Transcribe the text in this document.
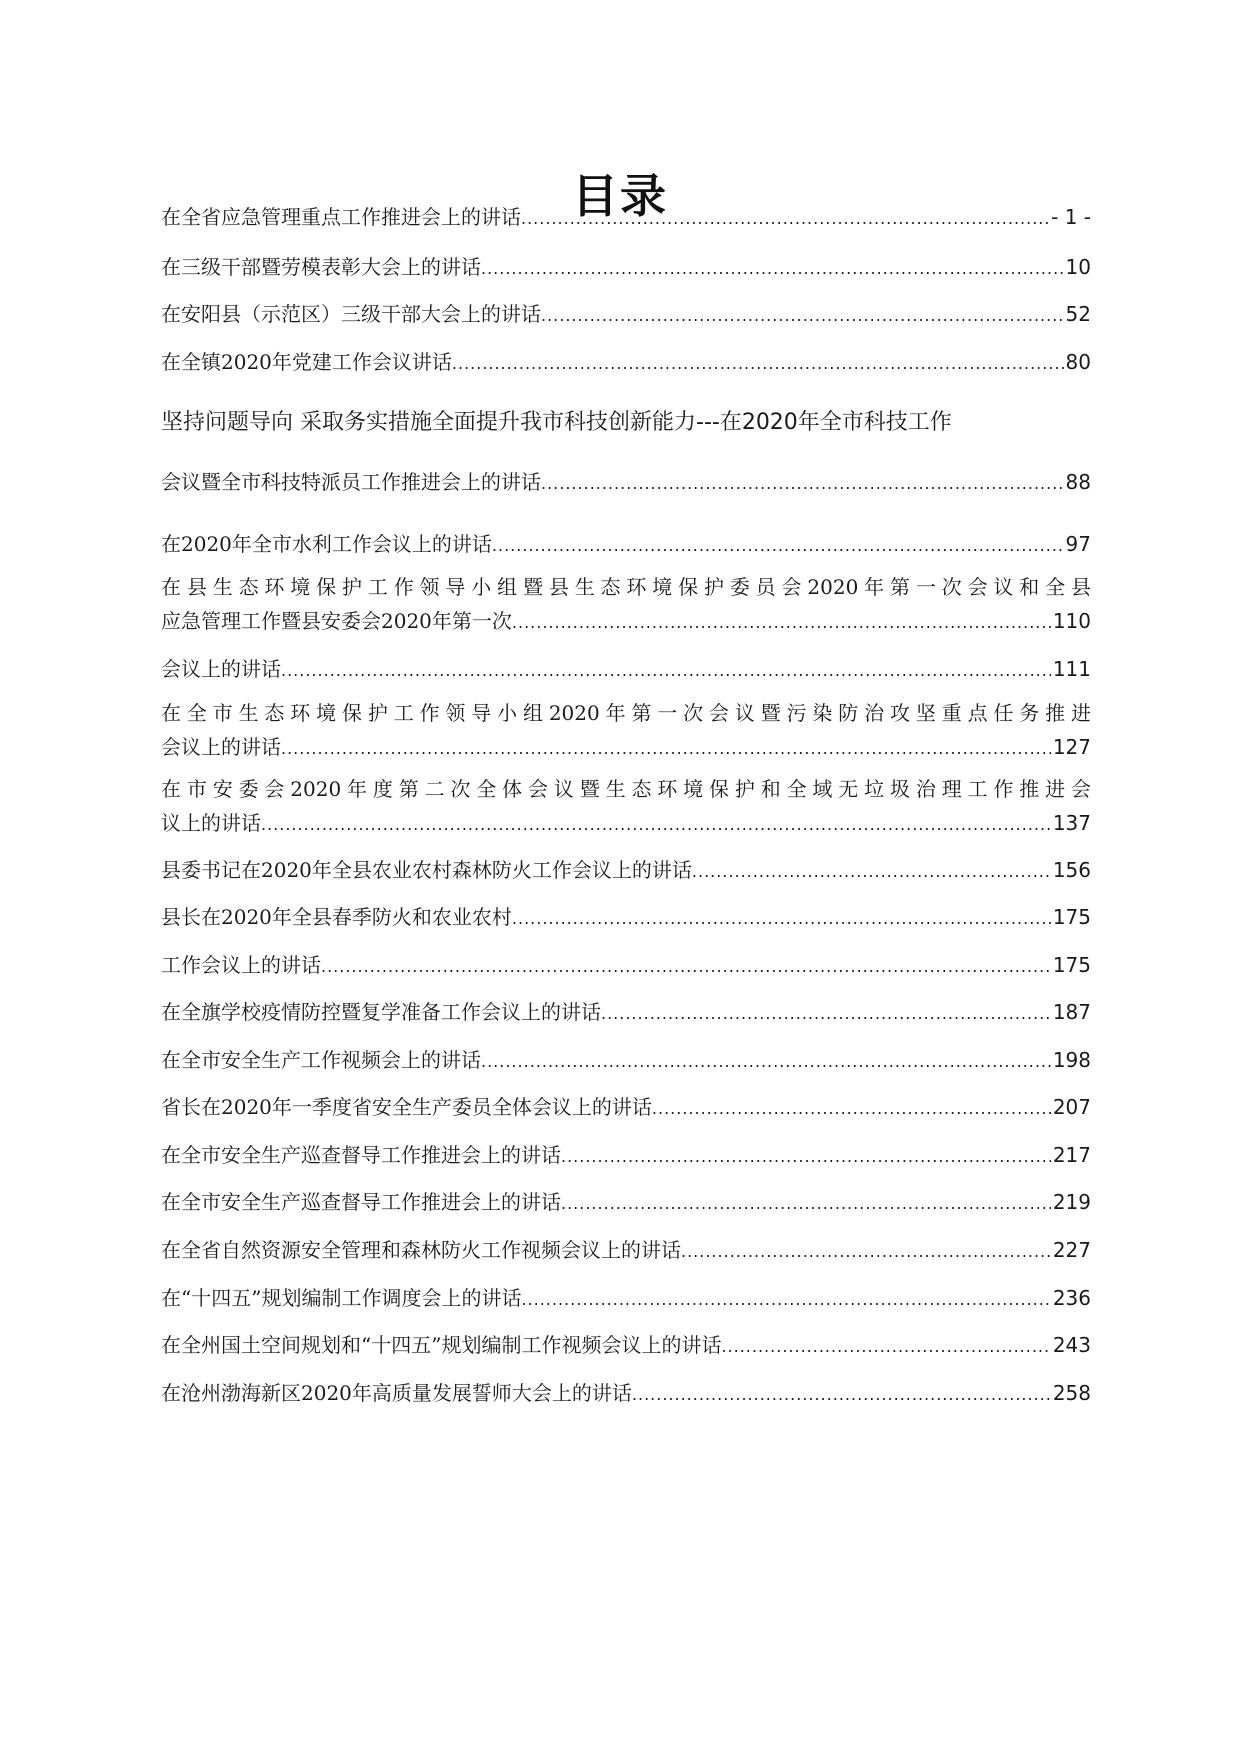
目录
在全省应急管理重点工作推进会上的讲话 .....	- 1 -
在三级干部暨劳模表彰大会上的讲话 .....	10
在安阳县（示范区）三级干部大会上的讲话 .....	52
在全镇2020年党建工作会议讲话 .....	80
坚持问题导向 采取务实措施全面提升我市科技创新能力---在2020年全市科技工作
会议暨全市科技特派员工作推进会上的讲话 .....	88
在2020年全市水利工作会议上的讲话 .....	97
在县生态环境保护工作领导小组暨县生态环境保护委员会2020年第一次会议和全县
应急管理工作暨县安委会2020年第一次 .....	110
会议上的讲话 .....	111
在全市生态环境保护工作领导小组2020年第一次会议暨污染防治攻坚重点任务推进
会议上的讲话 .....	127
在市安委会2020年度第二次全体会议暨生态环境保护和全域无垃圾治理工作推进会
议上的讲话 .....	137
县委书记在2020年全县农业农村森林防火工作会议上的讲话 .....	156
县长在2020年全县春季防火和农业农村 .....	175
工作会议上的讲话 .....	175
在全旗学校疫情防控暨复学准备工作会议上的讲话 .....	187
在全市安全生产工作视频会上的讲话 .....	198
省长在2020年一季度省安全生产委员全体会议上的讲话 .....	207
在全市安全生产巡查督导工作推进会上的讲话 .....	217
在全市安全生产巡查督导工作推进会上的讲话 .....	219
在全省自然资源安全管理和森林防火工作视频会议上的讲话 .....	227
在“十四五”规划编制工作调度会上的讲话 .....	236
在全州国土空间规划和“十四五”规划编制工作视频会议上的讲话 .....	243
在沧州渤海新区2020年高质量发展誓师大会上的讲话 .....	258
